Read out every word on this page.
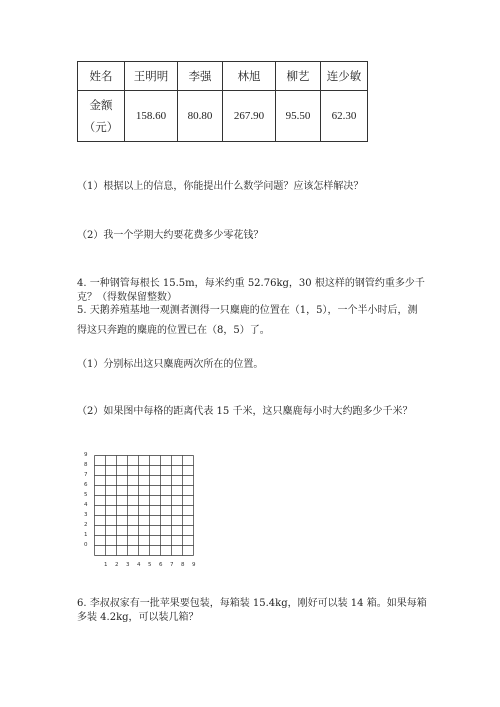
姓名	王明明	李强	林旭	柳艺	连少敏

金额
（元）	158.60	80.80	267.90	95.50	62.30
（1）根据以上的信息，你能提出什么数学问题？应该怎样解决？
（2）我一个学期大约要花费多少零花钱？
4. 一种钢管每根长 15.5m，每米约重 52.76kg，30 根这样的钢管约重多少千
克？（得数保留整数）
5. 天鹅养殖基地一观测者测得一只麋鹿的位置在（1，5），一个半小时后，测
得这只奔跑的麋鹿的位置已在（8，5）了。
（1）分别标出这只麋鹿两次所在的位置。
（2）如果图中每格的距离代表 15 千米，这只麋鹿每小时大约跑多少千米？
9
8
7
6
5
4
3
2
1
0
1 2 3 4 5 6 7 8 9
6. 李叔叔家有一批苹果要包装，每箱装 15.4kg，刚好可以装 14 箱。如果每箱
多装 4.2kg，可以装几箱？
